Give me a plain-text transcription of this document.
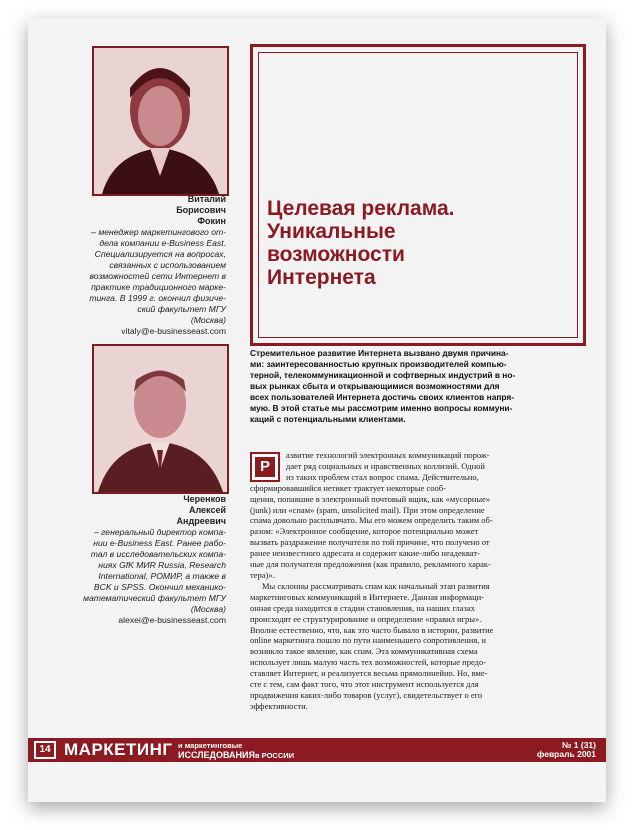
Виталий
Борисович
Фокин
– менеджер маркетингового от-
дела компании e-Business East.
Специализируется на вопросах,
связанных с использованием
возможностей сети Интернет в
практике традиционного марке-
тинга. В 1999 г. окончил физиче-
ский факультет МГУ
(Москва)
vitaly@e-businesseast.com
Черенков
Алексей
Андреевич
– генеральный директор компа-
нии e-Business East. Ранее рабо-
тал в исследовательских компа-
ниях GfK МИR Russia, Research
International, РОМИР, а также в
BCK и SPSS. Окончил механико-
математический факультет МГУ
(Москва)
alexei@e-businesseast.com
Целевая реклама.
Уникальные
возможности
Интернета
Стремительное развитие Интернета вызвано двумя причина-
ми: заинтересованностью крупных производителей компью-
терной, телекоммуникационной и софтверных индустрий в но-
вых рынках сбыта и открывающимися возможностями для
всех пользователей Интернета достичь своих клиентов напря-
мую. В этой статье мы рассмотрим именно вопросы коммуни-
каций с потенциальными клиентами.

Р
азвитие технологий электронных коммуникаций порож-
дает ряд социальных и нравственных коллизий. Одной
из таких проблем стал вопрос спама. Действительно,
сформировавшийся нетикет трактует некоторые сооб-
щения, попавшие в электронный почтовый ящик, как «мусорные»
(junk) или «спам» (spam, unsolicited mail). При этом определение
спама довольно расплывчато. Мы его можем определить таким об-
разом: «Электронное сообщение, которое потенциально может
вызвать раздражение получателя по той причине, что получено от
ранее неизвестного адресата и содержит какие-либо неадекват-
ные для получателя предложения (как правило, рекламного харак-
тера)».

Мы склонны рассматривать спам как начальный этап развития
маркетинговых коммуникаций в Интернете. Данная информаци-
онная среда находится в стадии становления, на наших глазах
происходят ее структурирование и определение «правил игры».
Вполне естественно, что, как это часто бывало в истории, развитие
online маркетинга пошло по пути наименьшего сопротивления, и
возникло такое явление, как спам. Эта коммуникативная схема
использует лишь малую часть тех возможностей, которые предо-
ставляет Интернет, и реализуется весьма прямолинейно. Но, вме-
сте с тем, сам факт того, что этот инструмент используется для
продвижения каких-либо товаров (услуг), свидетельствует о его
эффективности.

14 МАРКЕТИНГ и маркетинговые
ИССЛЕДОВАНИЯв РОССИИ
№ 1 (31)
февраль 2001
